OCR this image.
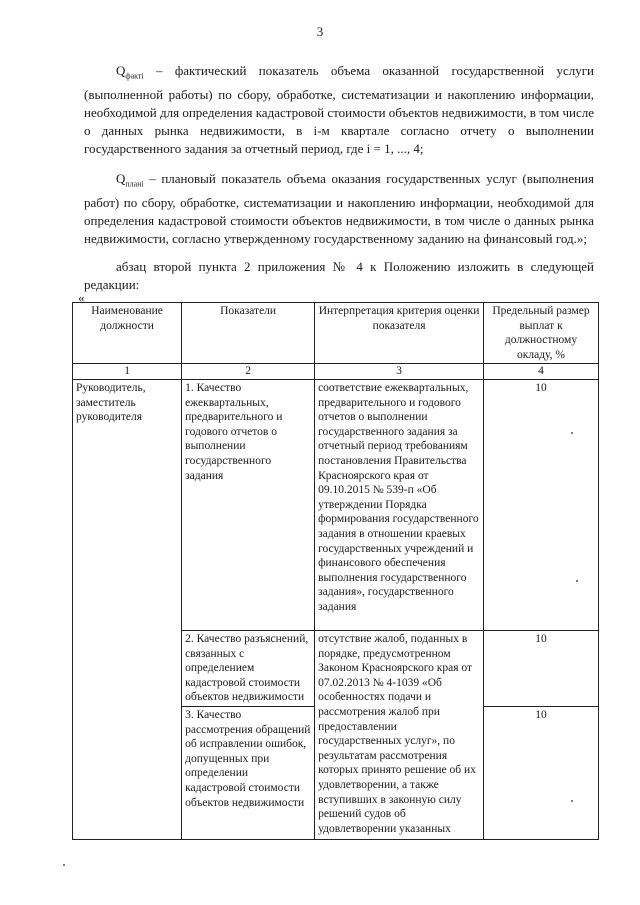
3
$Q_{факті}$ – фактический показатель объема оказанной государственной услуги (выполненной работы) по сбору, обработке, систематизации и накоплению информации, необходимой для определения кадастровой стоимости объектов недвижимости, в том числе о данных рынка недвижимости, в i-м квартале согласно отчету о выполнении государственного задания за отчетный период, где i = 1, ..., 4;
$Q_{плані}$ – плановый показатель объема оказания государственных услуг (выполнения работ) по сбору, обработке, систематизации и накоплению информации, необходимой для определения кадастровой стоимости объектов недвижимости, в том числе о данных рынка недвижимости, согласно утвержденному государственному заданию на финансовый год.»;
абзац второй пункта 2 приложения № 4 к Положению изложить в следующей редакции:
«
Наименование должности	Показатели	Интерпретация критерия оценки показателя	Предельный размер выплат к должностному окладу, %
1	2	3	4
Руководитель, заместитель руководителя	1. Качество ежеквартальных, предварительного и годового отчетов о выполнении государственного задания	соответствие ежеквартальных, предварительного и годового отчетов о выполнении государственного задания за отчетный период требованиям постановления Правительства Красноярского края от 09.10.2015 № 539-п «Об утверждении Порядка формирования государственного задания в отношении краевых государственных учреждений и финансового обеспечения выполнения государственного задания», государственного задания	10
	2. Качество разъяснений, связанных с определением кадастровой стоимости объектов недвижимости	отсутствие жалоб, поданных в порядке, предусмотренном Законом Красноярского края от 07.02.2013 № 4-1039 «Об особенностях подачи и рассмотрения жалоб при предоставлении государственных услуг», по результатам рассмотрения которых принято решение об их удовлетворении, а также вступивших в законную силу решений судов об удовлетворении указанных	10
	3. Качество рассмотрения обращений об исправлении ошибок, допущенных при определении кадастровой стоимости объектов недвижимости		10
